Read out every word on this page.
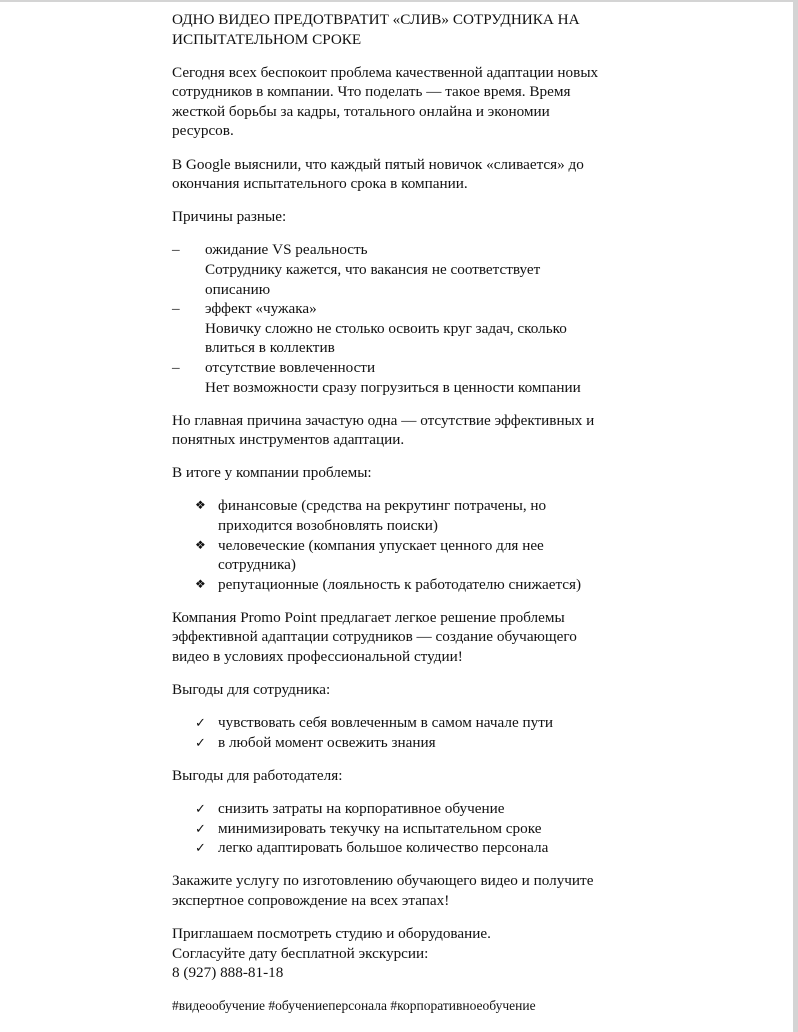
ОДНО ВИДЕО ПРЕДОТВРАТИТ «СЛИВ» СОТРУДНИКА НА
ИСПЫТАТЕЛЬНОМ СРОКЕ

Сегодня всех беспокоит проблема качественной адаптации новых
сотрудников в компании. Что поделать — такое время. Время
жесткой борьбы за кадры, тотального онлайна и экономии
ресурсов.

В Google выяснили, что каждый пятый новичок «сливается» до
окончания испытательного срока в компании.

Причины разные:

– ожидание VS реальность
Сотруднику кажется, что вакансия не соответствует
описанию
– эффект «чужака»
Новичку сложно не столько освоить круг задач, сколько
влиться в коллектив
– отсутствие вовлеченности
Нет возможности сразу погрузиться в ценности компании

Но главная причина зачастую одна — отсутствие эффективных и
понятных инструментов адаптации.

В итоге у компании проблемы:

❖ финансовые (средства на рекрутинг потрачены, но
приходится возобновлять поиски)
❖ человеческие (компания упускает ценного для нее
сотрудника)
❖ репутационные (лояльность к работодателю снижается)

Компания Promo Point предлагает легкое решение проблемы
эффективной адаптации сотрудников — создание обучающего
видео в условиях профессиональной студии!

Выгоды для сотрудника:

✓ чувствовать себя вовлеченным в самом начале пути
✓ в любой момент освежить знания

Выгоды для работодателя:

✓ снизить затраты на корпоративное обучение
✓ минимизировать текучку на испытательном сроке
✓ легко адаптировать большое количество персонала

Закажите услугу по изготовлению обучающего видео и получите
экспертное сопровождение на всех этапах!

Приглашаем посмотреть студию и оборудование.
Согласуйте дату бесплатной экскурсии:
8 (927) 888-81-18

#видеообучение #обучениеперсонала #корпоративноеобучение
